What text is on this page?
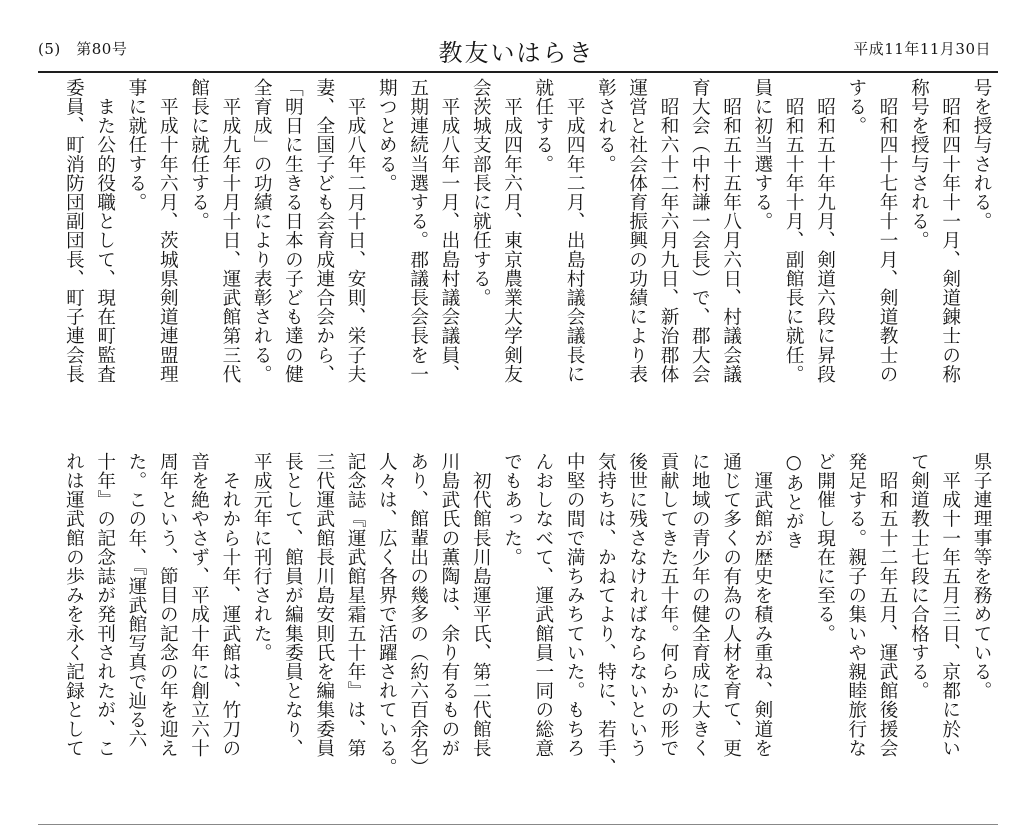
(5)　第80号	教友いはらき	平成11年11月30日
号を授与される。
　昭和四十年十一月、剣道錬士の称
称号を授与される。
　昭和四十七年十一月、剣道教士の
する。
　昭和五十年九月、剣道六段に昇段
　昭和五十年十月、副館長に就任。
員に初当選する。
　昭和五十五年八月六日、村議会議
育大会（中村謙一会長）で、郡大会
　昭和六十二年六月九日、新治郡体
運営と社会体育振興の功績により表
彰される。
　平成四年二月、出島村議会議長に
就任する。
　平成四年六月、東京農業大学剣友
会茨城支部長に就任する。
　平成八年一月、出島村議会議員、
五期連続当選する。郡議長会長を一
期つとめる。
　平成八年二月十日、安則、栄子夫
妻、全国子ども会育成連合会から、
「明日に生きる日本の子ども達の健
全育成」の功績により表彰される。
　平成九年十月十日、運武館第三代
館長に就任する。
　平成十年六月、茨城県剣道連盟理
事に就任する。
　また公的役職として、現在町監査
委員、町消防団副団長、町子連会長
県子連理事等を務めている。
　平成十一年五月三日、京都に於い
て剣道教士七段に合格する。
　昭和五十二年五月、運武館後援会
発足する。親子の集いや親睦旅行な
ど開催し現在に至る。
○あとがき
　運武館が歴史を積み重ね、剣道を
通じて多くの有為の人材を育て、更
に地域の青少年の健全育成に大きく
貢献してきた五十年。何らかの形で
後世に残さなければならないという
気持ちは、かねてより、特に、若手、
中堅の間で満ちみちていた。もちろ
んおしなべて、運武館員一同の総意
でもあった。
　初代館長川島運平氏、第二代館長
川島武氏の薫陶は、余り有るものが
あり、館輩出の幾多の（約六百余名）
人々は、広く各界で活躍されている。
記念誌『運武館星霜五十年』は、第
三代運武館長川島安則氏を編集委員
長として、館員が編集委員となり、
平成元年に刊行された。
　それから十年、運武館は、竹刀の
音を絶やさず、平成十年に創立六十
周年という、節目の記念の年を迎え
た。この年、『運武館写真で辿る六
十年』の記念誌が発刊されたが、こ
れは運武館の歩みを永く記録として
